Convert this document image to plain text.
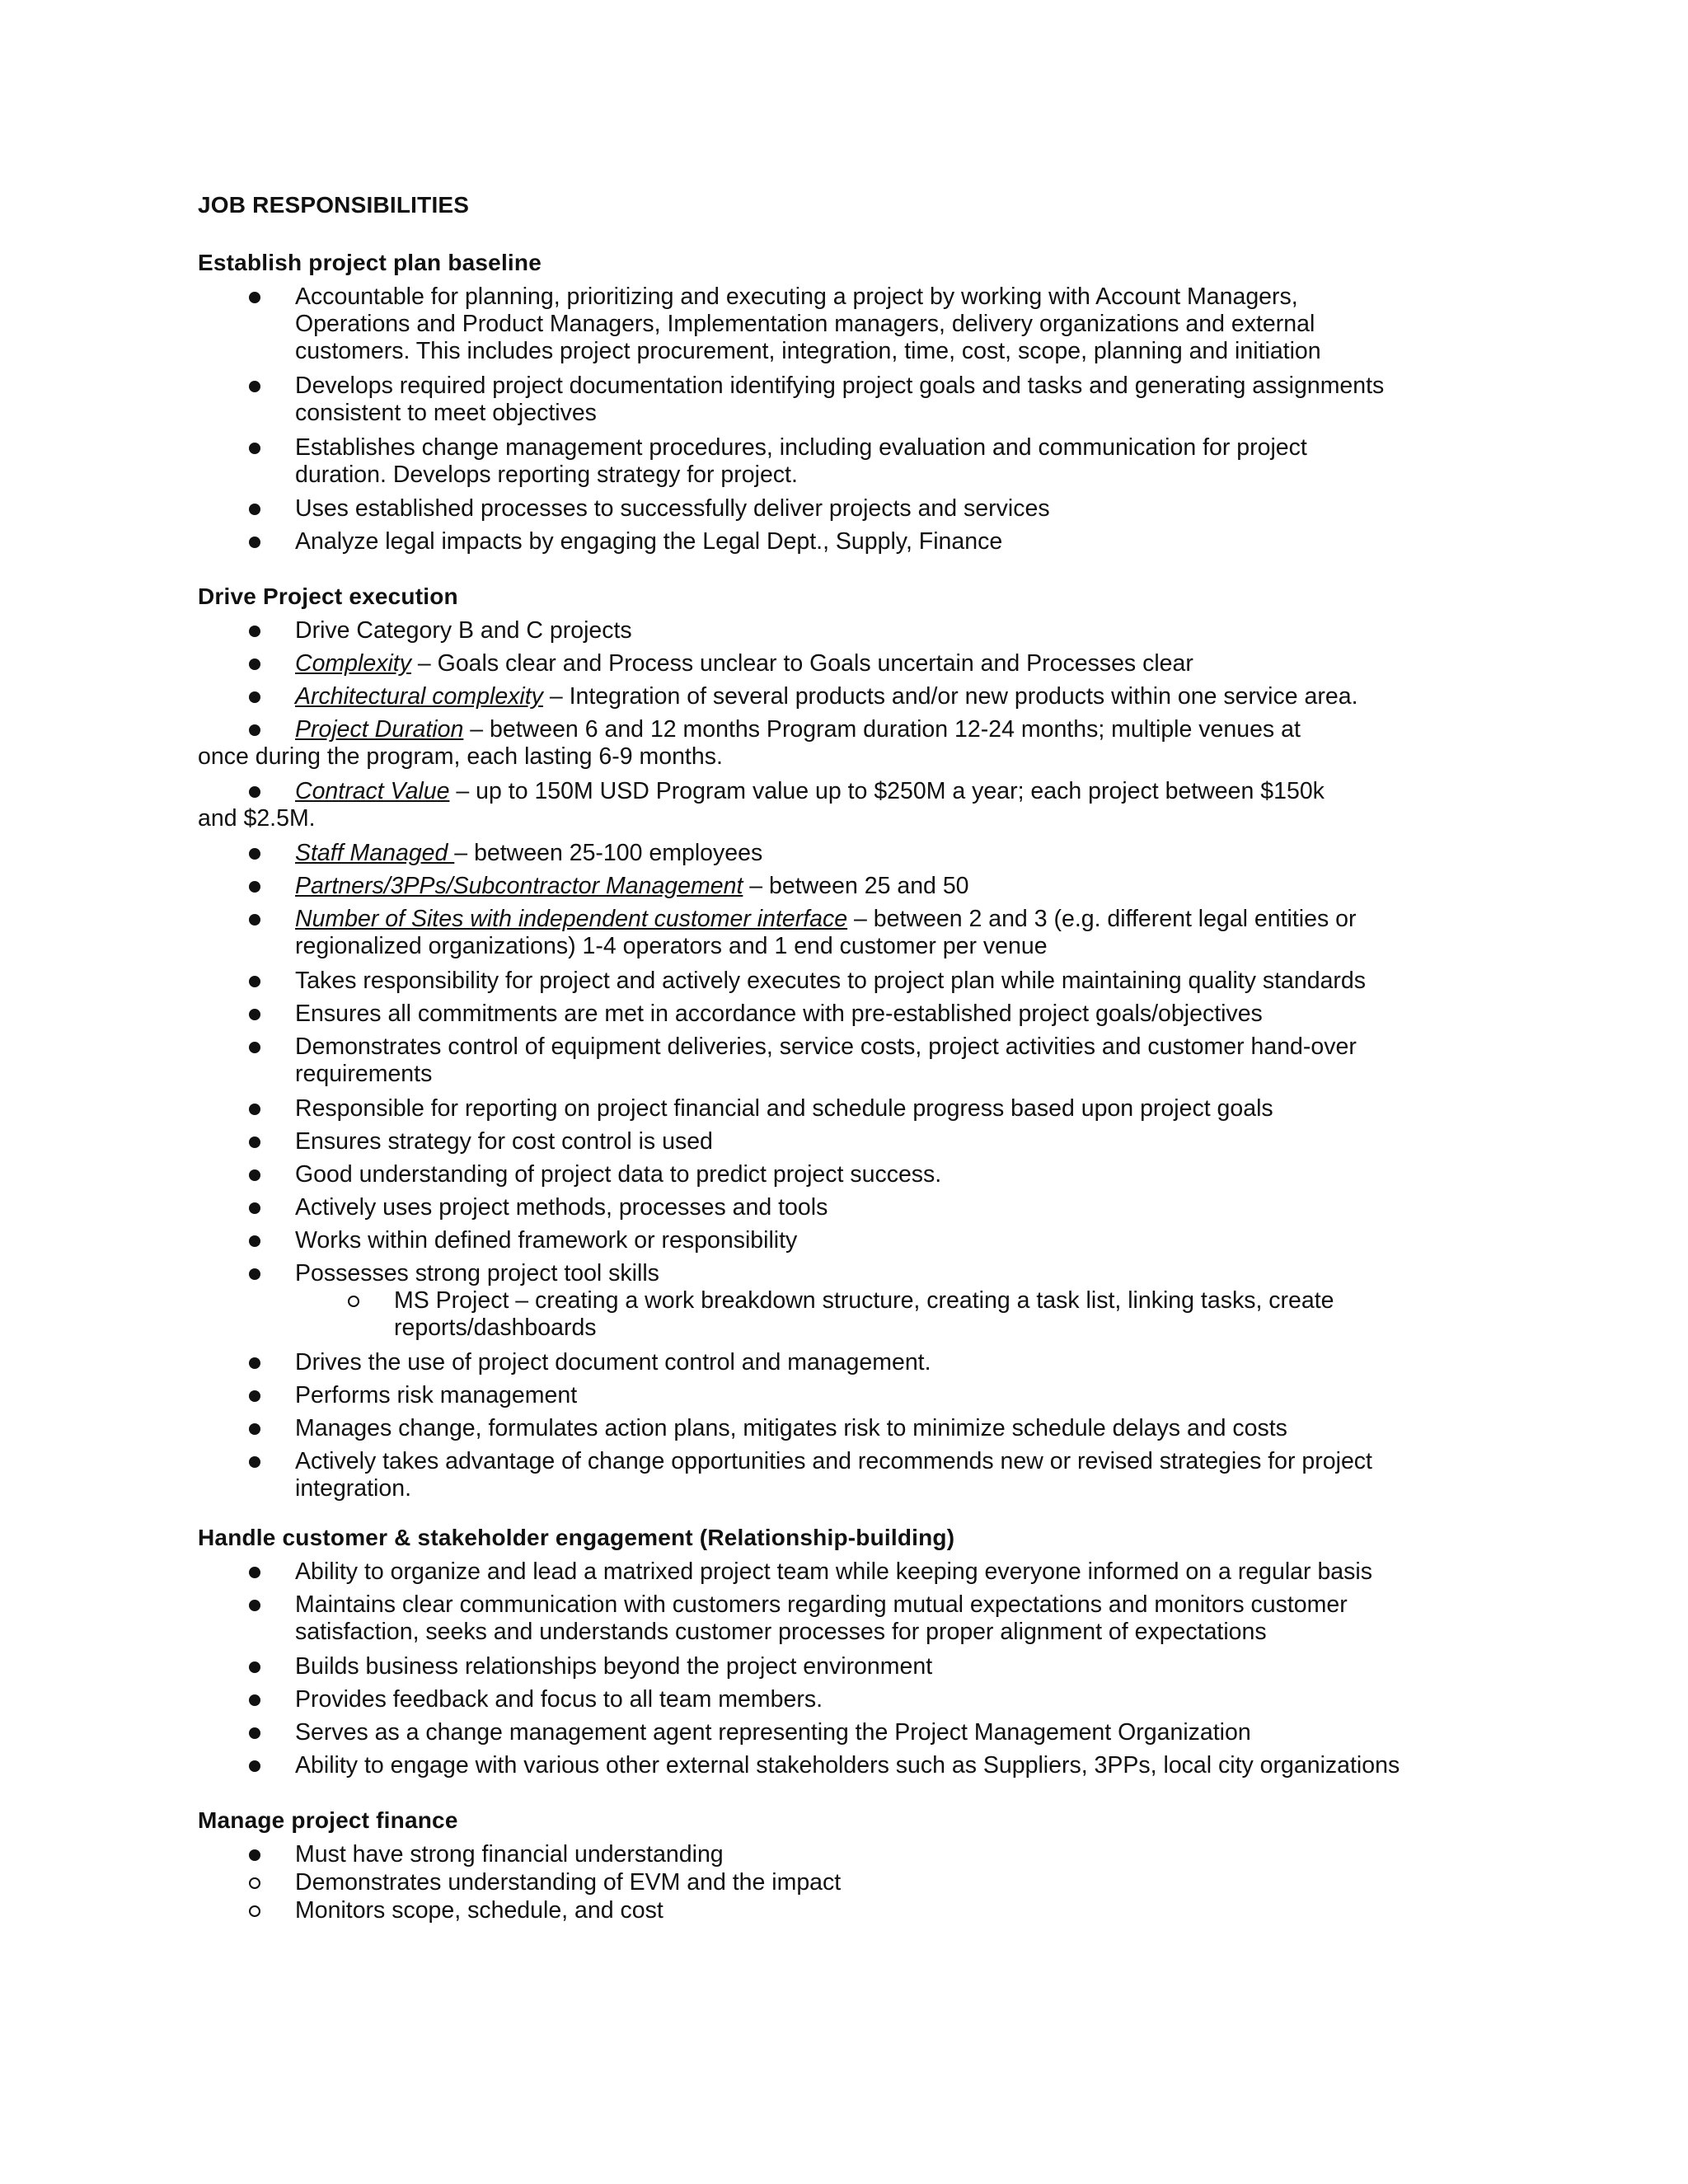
JOB RESPONSIBILITIES
Establish project plan baseline
Accountable for planning, prioritizing and executing a project by working with Account Managers,
Operations and Product Managers, Implementation managers, delivery organizations and external
customers. This includes project procurement, integration, time, cost, scope, planning and initiation
Develops required project documentation identifying project goals and tasks and generating assignments
consistent to meet objectives
Establishes change management procedures, including evaluation and communication for project
duration. Develops reporting strategy for project.
Uses established processes to successfully deliver projects and services
Analyze legal impacts by engaging the Legal Dept., Supply, Finance
Drive Project execution
Drive Category B and C projects
Complexity – Goals clear and Process unclear to Goals uncertain and Processes clear
Architectural complexity – Integration of several products and/or new products within one service area.
Project Duration – between 6 and 12 months Program duration 12-24 months; multiple venues at
once during the program, each lasting 6-9 months.
Contract Value – up to 150M USD Program value up to $250M a year; each project between $150k
and $2.5M.
Staff Managed – between 25-100 employees
Partners/3PPs/Subcontractor Management – between 25 and 50
Number of Sites with independent customer interface – between 2 and 3 (e.g. different legal entities or
regionalized organizations) 1-4 operators and 1 end customer per venue
Takes responsibility for project and actively executes to project plan while maintaining quality standards
Ensures all commitments are met in accordance with pre-established project goals/objectives
Demonstrates control of equipment deliveries, service costs, project activities and customer hand-over
requirements
Responsible for reporting on project financial and schedule progress based upon project goals
Ensures strategy for cost control is used
Good understanding of project data to predict project success.
Actively uses project methods, processes and tools
Works within defined framework or responsibility
Possesses strong project tool skills
MS Project – creating a work breakdown structure, creating a task list, linking tasks, create
reports/dashboards
Drives the use of project document control and management.
Performs risk management
Manages change, formulates action plans, mitigates risk to minimize schedule delays and costs
Actively takes advantage of change opportunities and recommends new or revised strategies for project
integration.
Handle customer & stakeholder engagement (Relationship-building)
Ability to organize and lead a matrixed project team while keeping everyone informed on a regular basis
Maintains clear communication with customers regarding mutual expectations and monitors customer
satisfaction, seeks and understands customer processes for proper alignment of expectations
Builds business relationships beyond the project environment
Provides feedback and focus to all team members.
Serves as a change management agent representing the Project Management Organization
Ability to engage with various other external stakeholders such as Suppliers, 3PPs, local city organizations
Manage project finance
Must have strong financial understanding
Demonstrates understanding of EVM and the impact
Monitors scope, schedule, and cost
